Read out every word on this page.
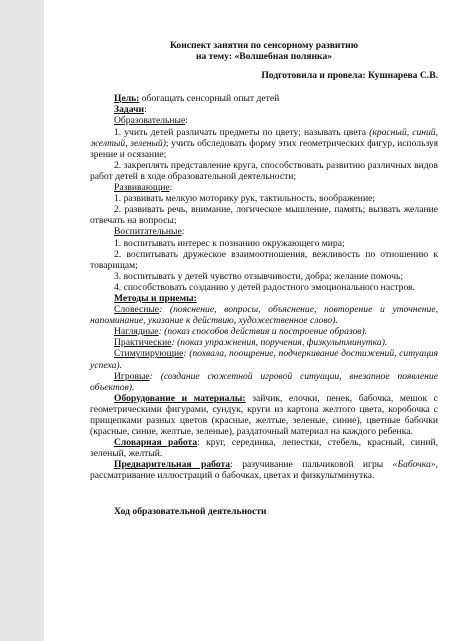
Конспект занятия по сенсорному развитию
на тему: «Волшебная полянка»
Подготовила и провела: Кушнарева С.В.

Цель: обогащать сенсорный опыт детей

Задачи:

Образовательные:

1. учить детей различать предметы по цвету; называть цвета (красный, синий, желтый, зеленый); учить обследовать форму этих геометрических фигур, используя зрение и осязание;

2. закреплять представление круга, способствовать развитию различных видов работ детей в ходе образовательной деятельности;

Развивающие:

1. развивать мелкую моторику рук, тактильность, воображение;

2. развивать речь, внимание, логическое мышление, память; вызвать желание отвечать на вопросы;

Воспитательные:

1. воспитывать интерес к познанию окружающего мира;

2. воспитывать дружеское взаимоотношения, вежливость по отношению к товарищам;

3. воспитывать у детей чувство отзывчивости, добра; желание помочь;

4. способствовать созданию у детей радостного эмоционального настроя.

Методы и приемы:

Словесные: (пояснение, вопросы, объяснение, повторение и уточнение, напоминание, указание к действию, художественное слово).

Наглядные: (показ способов действия и построение образов).

Практические: (показ упражнения, поручения, физкультминутка).

Стимулирующие: (похвала, поощрение, подчеркивание достижений, ситуация успеха).

Игровые: (создание сюжетной игровой ситуации, внезапное появление объектов).

Оборудование и материалы: зайчик, елочки, пенек, бабочка, мешок с геометрическими фигурами, сундук, круги из картона желтого цвета, коробочка с прищепками разных цветов (красные, желтые, зеленые, синие), цветные бабочки (красные, синие, желтые, зеленые), раздаточный материал на каждого ребенка.

Словарная работа: круг, серединка, лепестки, стебель, красный, синий, зеленый, желтый.

Предварительная работа: разучивание пальчиковой игры «Бабочка», рассматривание иллюстраций о бабочках, цветах и физкультминутка.

Ход образовательной деятельности
